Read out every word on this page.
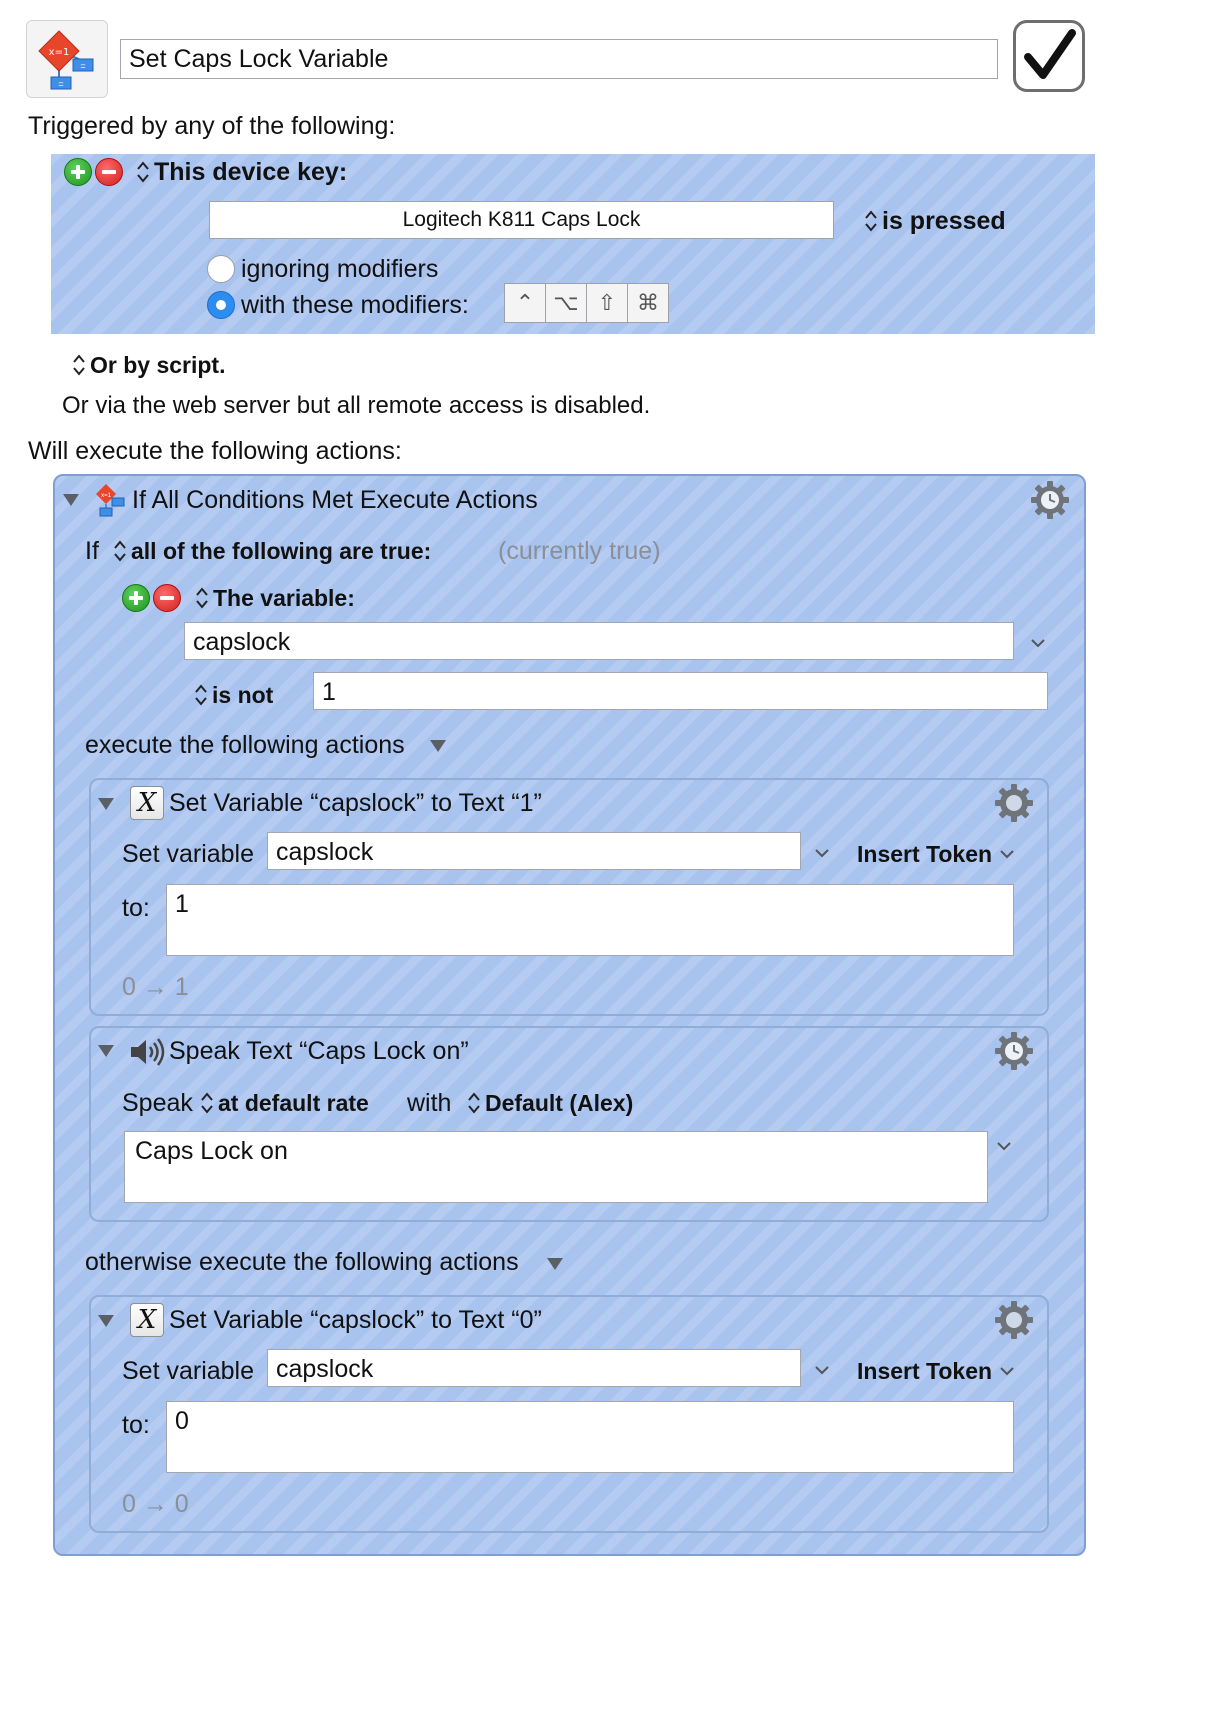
x=1
=
=
Set Caps Lock Variable
Triggered by any of the following:
This device key:
Logitech K811 Caps Lock	is pressed
ignoring modifiers
with these modifiers:	⌃ ⌥ ⇧ ⌘
Or by script.
Or via the web server but all remote access is disabled.
Will execute the following actions:
x=1 If All Conditions Met Execute Actions
If	all of the following are true:	(currently true)
The variable:
capslock
is not	1
execute the following actions
X Set Variable “capslock” to Text “1”
Set variable capslock	Insert Token
to:	1
0 → 1
Speak Text “Caps Lock on”
Speak	at default rate with	Default (Alex)
Caps Lock on
otherwise execute the following actions
X Set Variable “capslock” to Text “0”
Set variable capslock	Insert Token
to:	0
0 → 0
